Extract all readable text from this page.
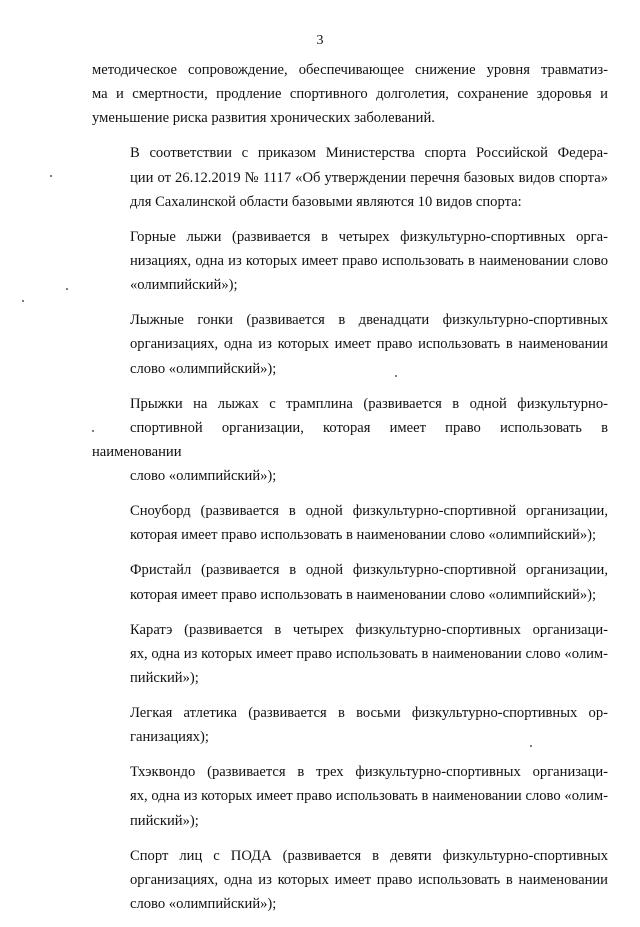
3

методическое сопровождение, обеспечивающее снижение уровня травматиз-
ма и смертности, продление спортивного долголетия, сохранение здоровья и
уменьшение риска развития хронических заболеваний.

В соответствии с приказом Министерства спорта Российской Федера-
ции от 26.12.2019 № 1117 «Об утверждении перечня базовых видов спорта»
для Сахалинской области базовыми являются 10 видов спорта:

Горные лыжи (развивается в четырех физкультурно-спортивных орга-
низациях, одна из которых имеет право использовать в наименовании слово
«олимпийский»);

Лыжные гонки (развивается в двенадцати физкультурно-спортивных
организациях, одна из которых имеет право использовать в наименовании
слово «олимпийский»);

Прыжки на лыжах с трамплина (развивается в одной физкультурно-
спортивной организации, которая имеет право использовать в наименовании
слово «олимпийский»);

Сноуборд (развивается в одной физкультурно-спортивной организации,
которая имеет право использовать в наименовании слово «олимпийский»);

Фристайл (развивается в одной физкультурно-спортивной организации,
которая имеет право использовать в наименовании слово «олимпийский»);

Каратэ (развивается в четырех физкультурно-спортивных организаци-
ях, одна из которых имеет право использовать в наименовании слово «олим-
пийский»);

Легкая атлетика (развивается в восьми физкультурно-спортивных ор-
ганизациях);

Тхэквондо (развивается в трех физкультурно-спортивных организаци-
ях, одна из которых имеет право использовать в наименовании слово «олим-
пийский»);

Спорт лиц с ПОДА (развивается в девяти физкультурно-спортивных
организациях, одна из которых имеет право использовать в наименовании
слово «олимпийский»);
